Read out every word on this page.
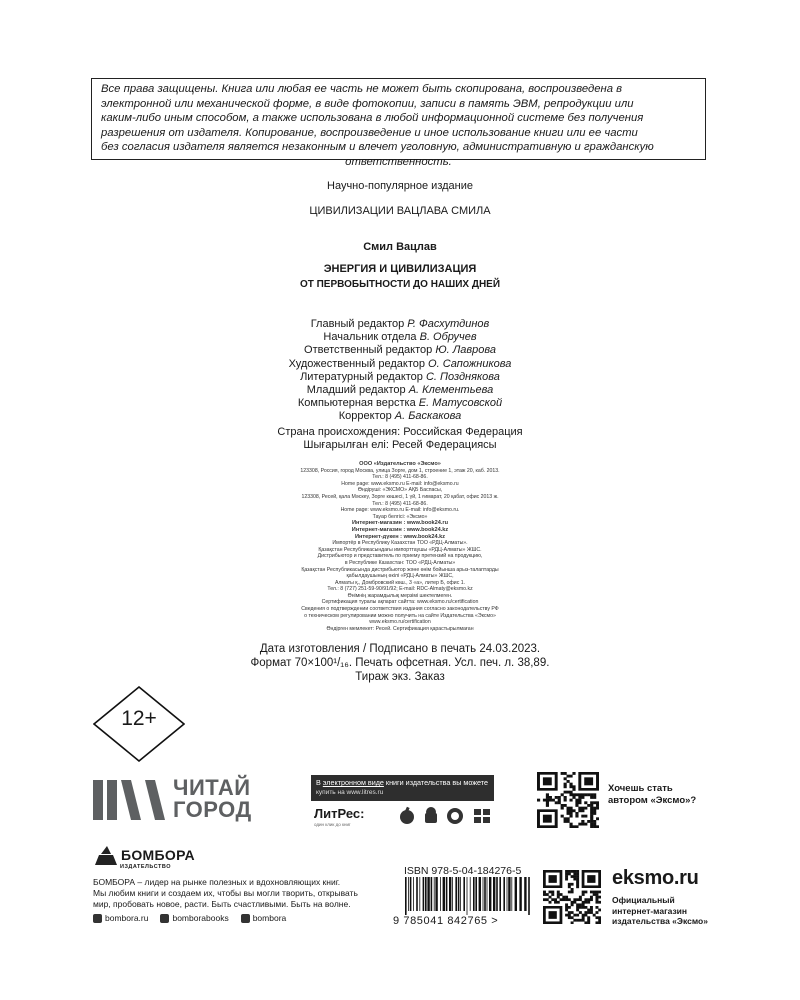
Все права защищены. Книга или любая ее часть не может быть скопирована, воспроизведена в
электронной или механической форме, в виде фотокопии, записи в память ЭВМ, репродукции или
каким-либо иным способом, а также использована в любой информационной системе без получения
разрешения от издателя. Копирование, воспроизведение и иное использование книги или ее части
без согласия издателя является незаконным и влечет уголовную, административную и гражданскую
ответственность.
Научно-популярное издание
ЦИВИЛИЗАЦИИ ВАЦЛАВА СМИЛА
Смил Вацлав
ЭНЕРГИЯ И ЦИВИЛИЗАЦИЯ
ОТ ПЕРВОБЫТНОСТИ ДО НАШИХ ДНЕЙ
Главный редактор Р. Фасхутдинов
Начальник отдела В. Обручев
Ответственный редактор Ю. Лаврова
Художественный редактор О. Сапожникова
Литературный редактор С. Позднякова
Младший редактор А. Клементьева
Компьютерная верстка Е. Матусовской
Корректор А. Баскакова
Страна происхождения: Российская Федерация
Шығарылған елі: Ресей Федерациясы
ООО «Издательство «Эксмо»
123308, Россия, город Москва, улица Зорге, дом 1, строение 1, этаж 20, каб. 2013.
Тел.: 8 (495) 411-68-86.
Home page: www.eksmo.ru E-mail: info@eksmo.ru
Өндіруші: «ЭКСМО» АҚБ Баспасы,
123308, Ресей, қала Мәскеу, Зорге көшесі, 1 үй, 1 ғимарат, 20 қабат, офис 2013 ж.
Тел.: 8 (495) 411-68-86.
Home page: www.eksmo.ru E-mail: info@eksmo.ru.
Тауар белгісі: «Эксмо»
Интернет-магазин : www.book24.ru
Интернет-магазин : www.book24.kz
Интернет-дүкен : www.book24.kz
Импортёр в Республику Казахстан ТОО «РДЦ-Алматы».
Қазақстан Республикасындағы импорттаушы «РДЦ-Алматы» ЖШС.
Дистрибьютор и представитель по приему претензий на продукцию,
в Республике Казахстан: ТОО «РДЦ-Алматы»
Қазақстан Республикасында дистрибьютор және өнім бойынша арыз-талаптарды
қабылдаушының өкілі «РДЦ-Алматы» ЖШС,
Алматы қ., Домбровский көш., 3 «а», литер Б, офис 1.
Тел.: 8 (727) 251-59-90/91/92; E-mail: RDC-Almaty@eksmo.kz
Өнімнің жарамдылық мерзімі шектелмеген.
Сертификация туралы ақпарат сайтта: www.eksmo.ru/certification
Сведения о подтверждении соответствия издания согласно законодательству РФ
о техническом регулировании можно получить на сайте Издательства «Эксмо»
www.eksmo.ru/certification
Өндірген мемлекет: Ресей. Сертификация қарастырылмаған
Дата изготовления / Подписано в печать 24.03.2023.
Формат 70×100¹/₁₆. Печать офсетная. Усл. печ. л. 38,89.
Тираж экз. Заказ
12+
ЧИТАЙ
ГОРОД
В электронном виде книги издательства вы можете
купить на www.litres.ru
ЛитРес:
один клик до книг
Хочешь стать
автором «Эксмо»?
БОМБОРА
ИЗДАТЕЛЬСТВО
БОМБОРА – лидер на рынке полезных и вдохновляющих книг.
Мы любим книги и создаем их, чтобы вы могли творить, открывать
мир, пробовать новое, расти. Быть счастливыми. Быть на волне.
bombora.ru	bomborabooks	bombora
ISBN 978-5-04-184276-5
9 785041 842765 >
eksmo.ru
Официальный
интернет-магазин
издательства «Эксмо»
